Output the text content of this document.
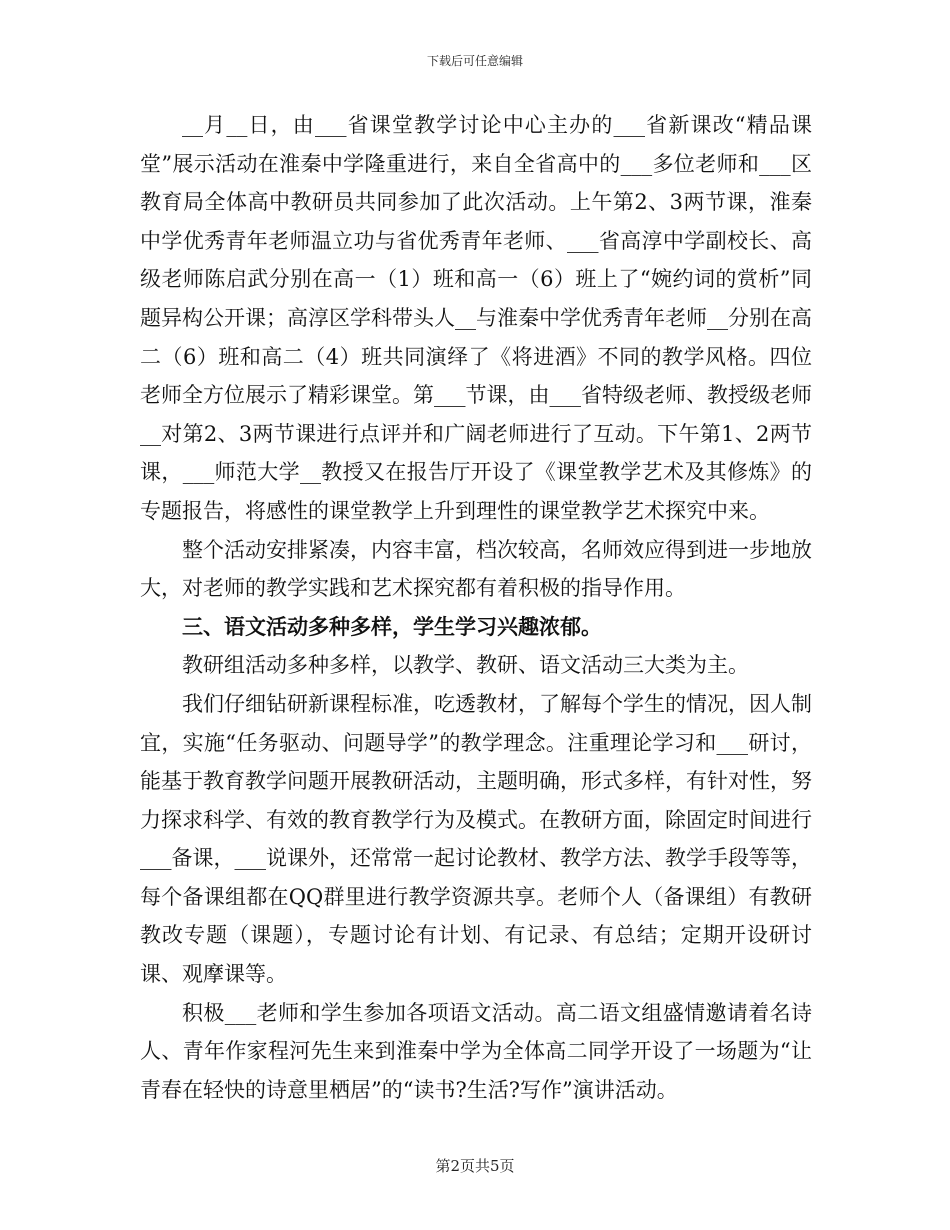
下载后可任意编辑

__月__日，由___省课堂教学讨论中心主办的___省新课改“精品课堂”展示活动在淮秦中学隆重进行，来自全省高中的___多位老师和___区教育局全体高中教研员共同参加了此次活动。上午第2、3两节课，淮秦中学优秀青年老师温立功与省优秀青年老师、___省高淳中学副校长、高级老师陈启武分别在高一（1）班和高一（6）班上了“婉约词的赏析”同题异构公开课；高淳区学科带头人__与淮秦中学优秀青年老师__分别在高二（6）班和高二（4）班共同演绎了《将进酒》不同的教学风格。四位老师全方位展示了精彩课堂。第___节课，由___省特级老师、教授级老师__对第2、3两节课进行点评并和广阔老师进行了互动。下午第1、2两节课，___师范大学__教授又在报告厅开设了《课堂教学艺术及其修炼》的专题报告，将感性的课堂教学上升到理性的课堂教学艺术探究中来。

整个活动安排紧凑，内容丰富，档次较高，名师效应得到进一步地放大，对老师的教学实践和艺术探究都有着积极的指导作用。

三、语文活动多种多样，学生学习兴趣浓郁。

教研组活动多种多样，以教学、教研、语文活动三大类为主。

我们仔细钻研新课程标准，吃透教材，了解每个学生的情况，因人制宜，实施“任务驱动、问题导学”的教学理念。注重理论学习和___研讨，能基于教育教学问题开展教研活动，主题明确，形式多样，有针对性，努力探求科学、有效的教育教学行为及模式。在教研方面，除固定时间进行___备课，___说课外，还常常一起讨论教材、教学方法、教学手段等等，每个备课组都在QQ群里进行教学资源共享。老师个人（备课组）有教研教改专题（课题），专题讨论有计划、有记录、有总结；定期开设研讨课、观摩课等。

积极___老师和学生参加各项语文活动。高二语文组盛情邀请着名诗人、青年作家程河先生来到淮秦中学为全体高二同学开设了一场题为“让青春在轻快的诗意里栖居”的“读书?生活?写作”演讲活动。

第2页共5页
